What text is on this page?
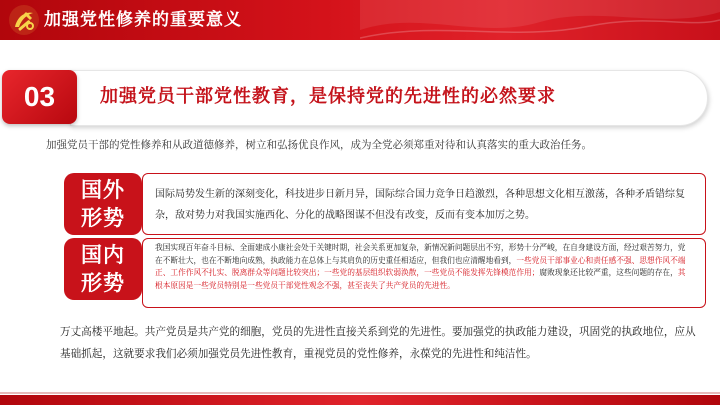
加强党性修养的重要意义
03	加强党员干部党性教育，是保持党的先进性的必然要求
加强党员干部的党性修养和从政道德修养，树立和弘扬优良作风，成为全党必须郑重对待和认真落实的重大政治任务。
国外
形势
国际局势发生新的深刻变化，科技进步日新月异，国际综合国力竞争日趋激烈，各种思想文化相互激荡，各种矛盾错综复杂，敌对势力对我国实施西化、分化的战略图谋不但没有改变，反而有变本加厉之势。
国内
形势
我国实现百年奋斗目标、全面建成小康社会处于关键时期，社会关系更加复杂，新情况新问题层出不穷，形势十分严峻，在自身建设方面，经过艰苦努力，党在不断壮大，也在不断地向成熟，执政能力在总体上与其肩负的历史重任相适应，但我们也应清醒地看到，一些党员干部事业心和责任感不强、思想作风不端正、工作作风不扎实、脱离群众等问题比较突出；一些党的基层组织软弱涣散，一些党员不能发挥先锋模范作用；腐败现象还比较严重，这些问题的存在，其根本原因是一些党员特别是一些党员干部党性观念不强，甚至丧失了共产党员的先进性。
万丈高楼平地起。共产党员是共产党的细胞，党员的先进性直接关系到党的先进性。要加强党的执政能力建设，巩固党的执政地位，应从基础抓起，这就要求我们必须加强党员先进性教育，重视党员的党性修养，永葆党的先进性和纯洁性。
